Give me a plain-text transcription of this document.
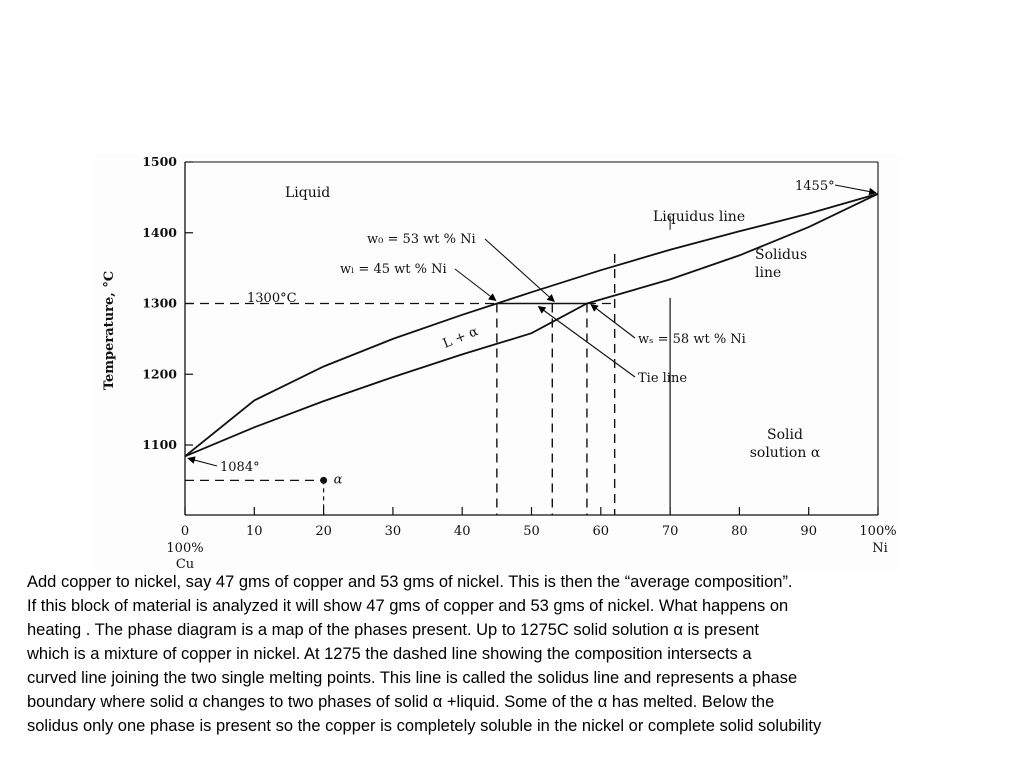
1500
1400
1300
1200
1100
0	10	20	30	40	50	60	70	80	90	100%
100%
Cu
Ni
Temperature, °C
Liquid
Liquidus line
Solidus
line
L + α
Solid
solution α
1300°C
1455°
1084°
α
w₀ = 53 wt % Ni
wₗ = 45 wt % Ni
wₛ = 58 wt % Ni
Tie line

Add copper to nickel, say 47 gms of copper and 53 gms of nickel. This is then the “average composition”.

If this block of material is analyzed it will show 47 gms of copper and 53 gms of nickel. What happens on

heating . The phase diagram is a map of the phases present. Up to 1275C solid solution α is present

which is a mixture of copper in nickel. At 1275 the dashed line showing the composition intersects a

curved line joining the two single melting points. This line is called the solidus line and represents a phase

boundary where solid α changes to two phases of solid α +liquid. Some of the α has melted. Below the

solidus only one phase is present so the copper is completely soluble in the nickel or complete solid solubility
